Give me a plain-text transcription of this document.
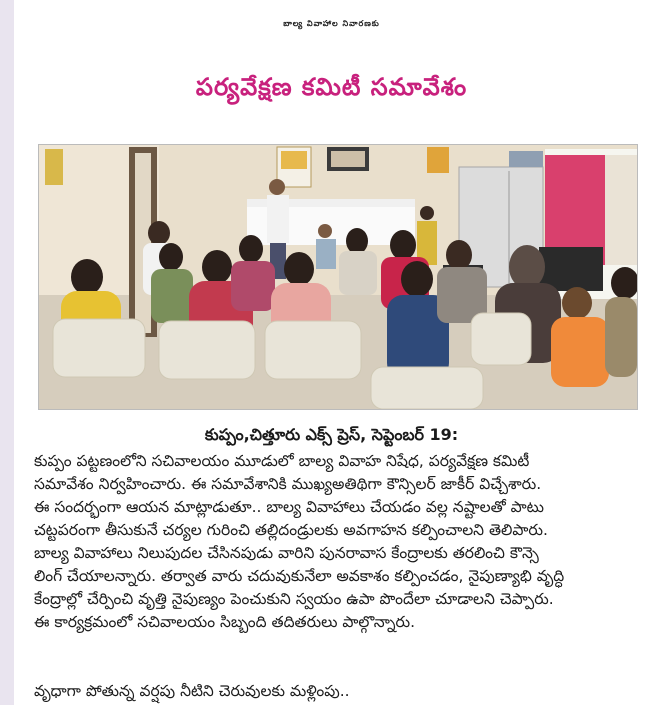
బాల్య వివాహాల నివారణకు
పర్యవేక్షణ కమిటీ సమావేశం
కుప్పం,చిత్తూరు ఎక్స్ ప్రెస్, సెప్టెంబర్ 19:
కుప్పం పట్టణంలోని సచివాలయం మూడులో బాల్య వివాహ నిషేధ, పర్యవేక్షణ కమిటీ
సమావేశం నిర్వహించారు. ఈ సమావేశానికి ముఖ్యఅతిథిగా కౌన్సిలర్ జాకీర్ విచ్చేశారు.
ఈ సందర్భంగా ఆయన మాట్లాడుతూ.. బాల్య వివాహాలు చేయడం వల్ల నష్టాలతో పాటు
చట్టపరంగా తీసుకునే చర్యల గురించి తల్లిదండ్రులకు అవగాహన కల్పించాలని తెలిపారు.
బాల్య వివాహాలు నిలుపుదల చేసినపుడు వారిని పునరావాస కేంద్రాలకు తరలించి కౌన్సె
లింగ్ చేయాలన్నారు. తర్వాత వారు చదువుకునేలా అవకాశం కల్పించడం, నైపుణ్యాభి వృద్ధి
కేంద్రాల్లో చేర్పించి వృత్తి నైపుణ్యం పెంచుకుని స్వయం ఉపా పొందేలా చూడాలని చెప్పారు.
ఈ కార్యక్రమంలో సచివాలయం సిబ్బంది తదితరులు పాల్గొన్నారు.
వృధాగా పోతున్న వర్షపు నీటిని చెరువులకు మళ్లింపు..
